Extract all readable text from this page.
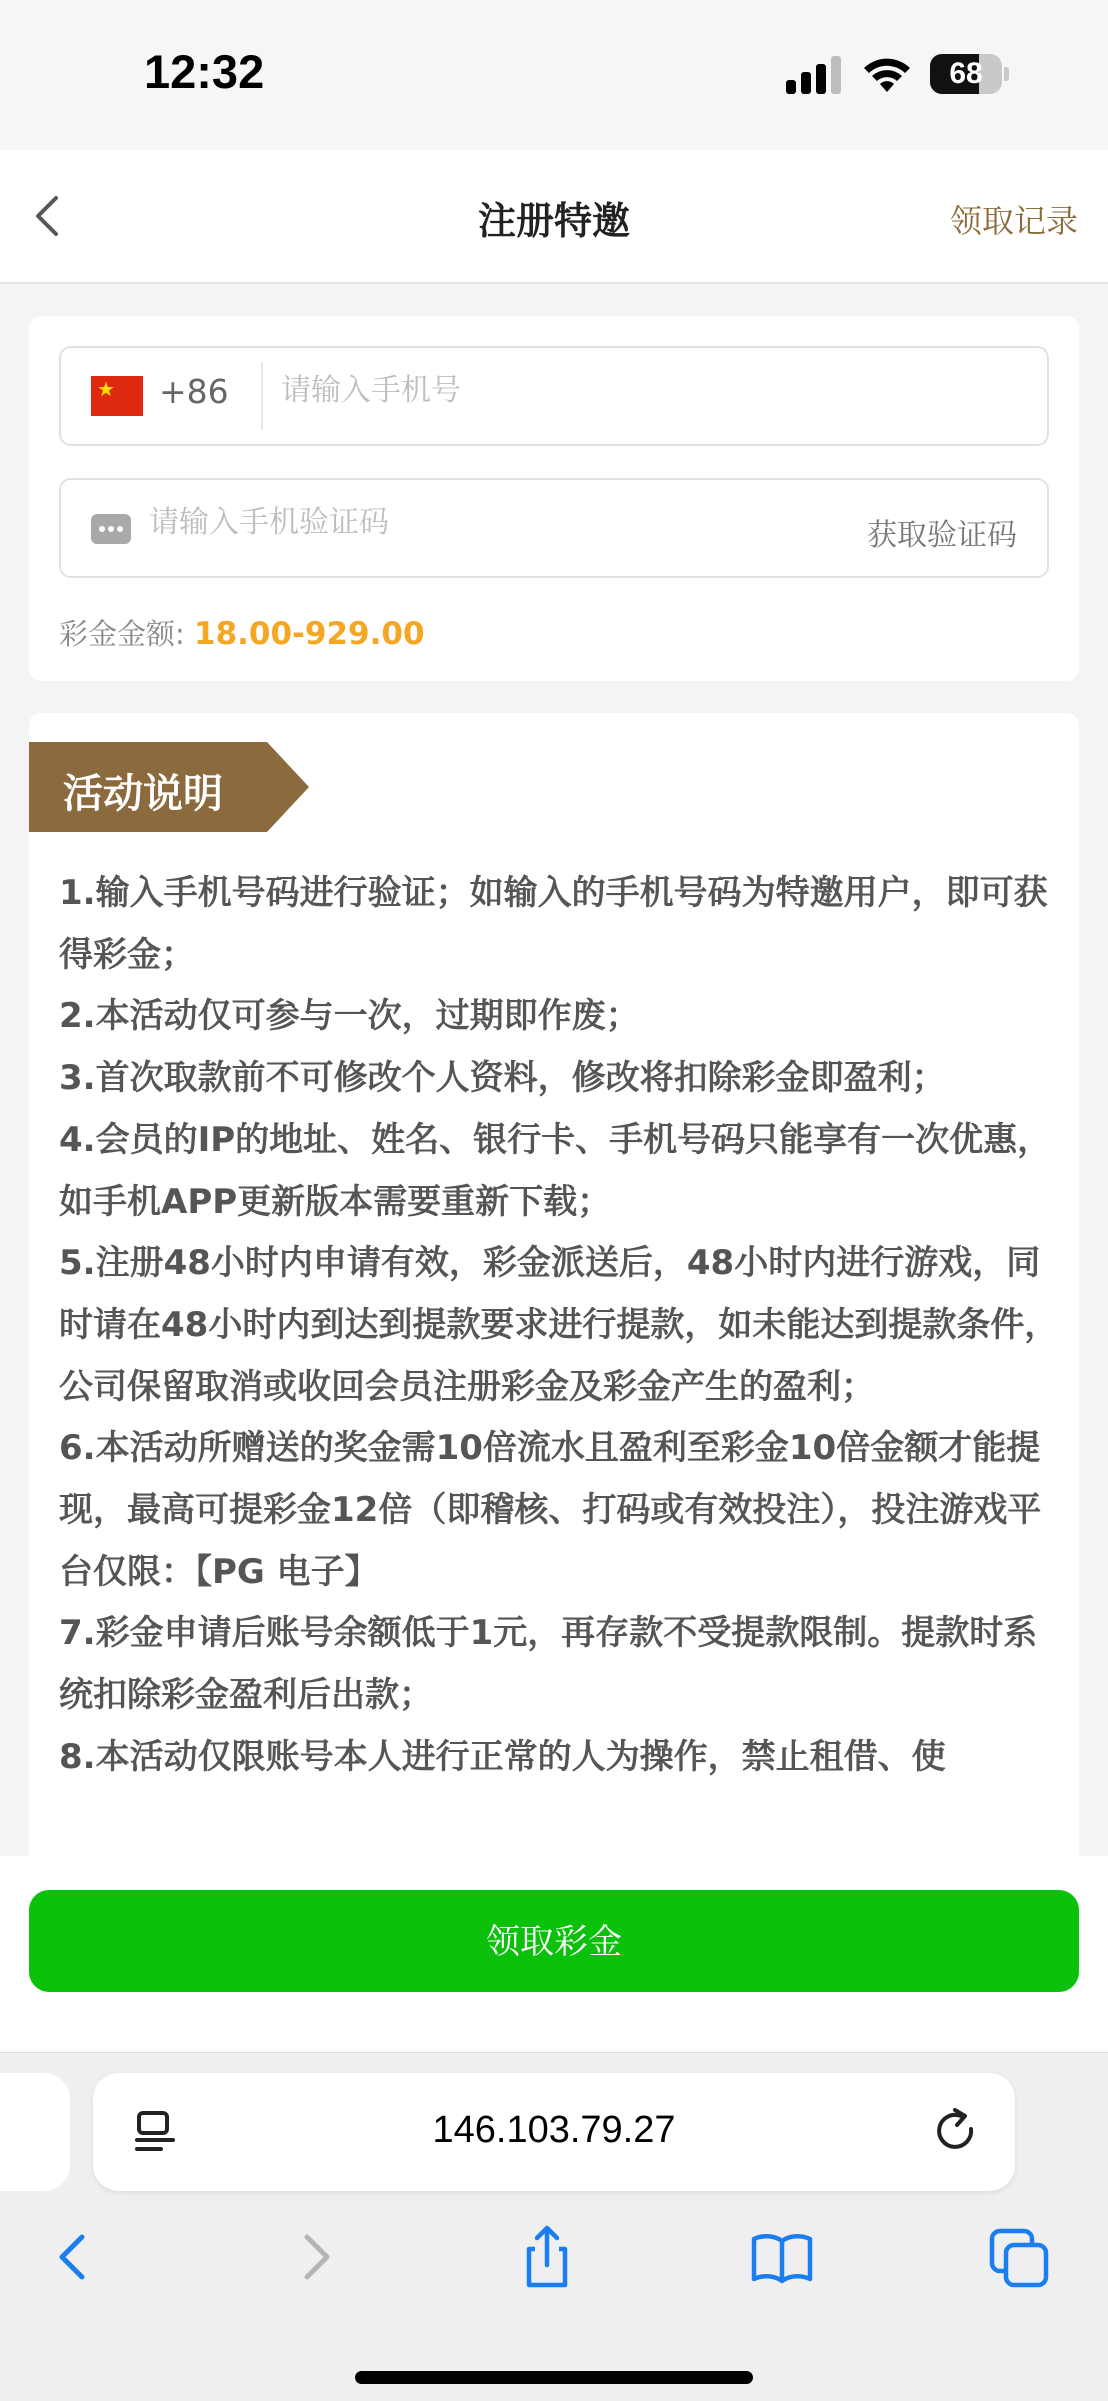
12:32	68
注册特邀	领取记录
★ +86
请输入手机号
请输入手机验证码
获取验证码
彩金金额: 18.00-929.00
活动说明

1.输入手机号码进行验证；如输入的手机号码为特邀用户，即可获得彩金；

2.本活动仅可参与一次，过期即作废；

3.首次取款前不可修改个人资料，修改将扣除彩金即盈利；

4.会员的IP的地址、姓名、银行卡、手机号码只能享有一次优惠，如手机APP更新版本需要重新下载；

5.注册48小时内申请有效，彩金派送后，48小时内进行游戏，同时请在48小时内到达到提款要求进行提款，如未能达到提款条件，公司保留取消或收回会员注册彩金及彩金产生的盈利；

6.本活动所赠送的奖金需10倍流水且盈利至彩金10倍金额才能提现，最高可提彩金12倍（即稽核、打码或有效投注），投注游戏平台仅限：【PG 电子】

7.彩金申请后账号余额低于1元，再存款不受提款限制。提款时系统扣除彩金盈利后出款；

8.本活动仅限账号本人进行正常的人为操作，禁止租借、使

领取彩金
146.103.79.27
